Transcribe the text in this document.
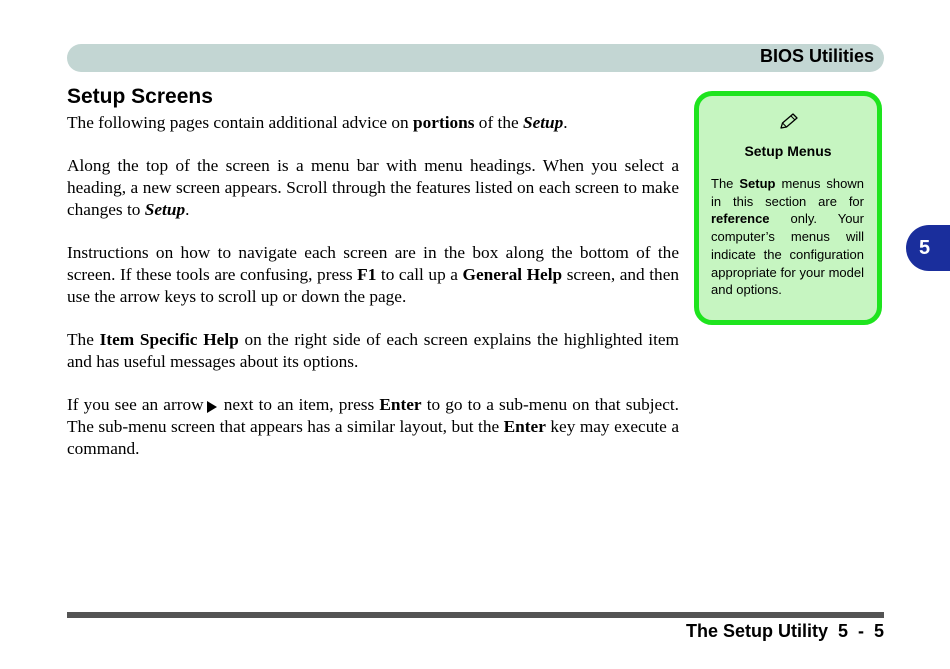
BIOS Utilities
Setup Screens

The following pages contain additional advice on portions of the Setup.

Along the top of the screen is a menu bar with menu headings. When you select a heading, a new screen appears. Scroll through the features listed on each screen to make changes to Setup.

Instructions on how to navigate each screen are in the box along the bottom of the screen. If these tools are confusing, press F1 to call up a General Help screen, and then use the arrow keys to scroll up or down the page.

The Item Specific Help on the right side of each screen explains the highlighted item and has useful messages about its options.

If you see an arrow next to an item, press Enter to go to a sub-menu on that subject. The sub-menu screen that appears has a similar layout, but the Enter key may execute a command.

Setup Menus

The Setup menus shown in this section are for reference only. Your computer’s menus will indicate the configuration appropriate for your model and options.

5
The Setup Utility  5  -  5
